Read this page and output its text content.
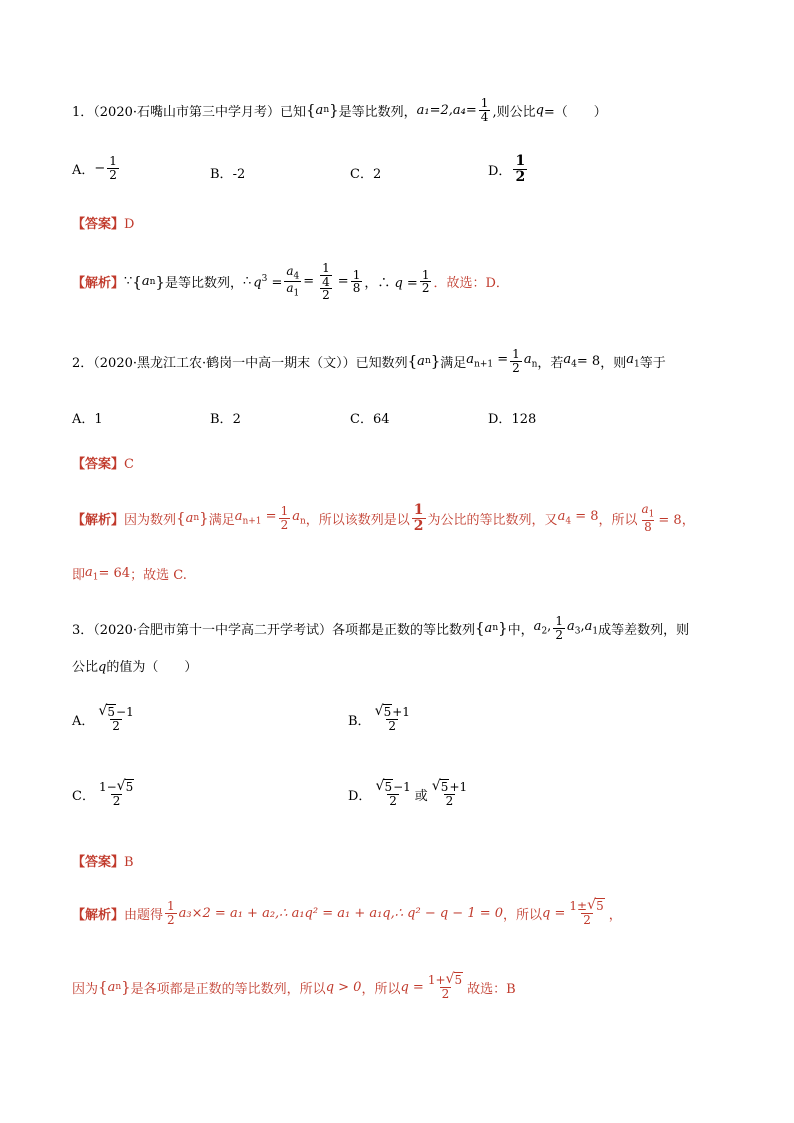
1．（2020·石嘴山市第三中学月考）已知 { a n } 是等比数列， $a_1=2,a_4= \frac{1}{4}$ ,则公比 q =（　　）
A． − $\frac{1}{2}$	B．-2	C．2	D． $\frac{1}{2}$
【答案】D
【解析】 ∵ { a n } 是等比数列， ∴ $q^3 = \frac{a_4}{a_1} = \frac{\frac{1}{4}}{2} = \frac{1}{8}$ ，∴ $q = \frac{1}{2}$ ．故选：D．
2．（2020·黑龙江工农·鹤岗一中高一期末（文））已知数列 { a n } 满足 $a_{n+1} = \frac{1}{2} a_n$ ，若 $a_4 = 8$ ，则 $a_1$ 等于
A．1	B．2	C．64	D．128
【答案】C
【解析】 因为数列 { a n } 满足 $a_{n+1} = \frac{1}{2} a_n$ ，所以该数列是以 $\frac{1}{2}$ 为公比的等比数列，又 $a_4 = 8$ ，所以 $\frac{a_1}{8} = 8$，
即 $a_1 = 64$ ；故选 C.
3．（2020·合肥市第十一中学高二开学考试）各项都是正数的等比数列 { a n } 中， $a_2$, $\frac{1}{2} a_3,a_1$ 成等差数列，则
公比q的值为（　　）
A． $\frac{√ 5-1}{2}$	B． $\frac{√ 5+1}{2}$
C． $\frac{1- √ 5}{2}$	D． $\frac{√ 5-1}{2}$ 或 $\frac{√ 5+1}{2}$
【答案】B
【解析】 由题得 $\frac{1}{2} a_3\times 2 = a_1$ + a₂,∴ a₁q² = a₁ + a₁q,∴ q² − q − 1 = 0 ，所以 $q = \frac{1\pm √ 5}{2}$ ，
因为 { a n } 是各项都是正数的等比数列，所以 q > 0 ，所以 $q = \frac{1+ √ 5}{2}$ 故选：B
